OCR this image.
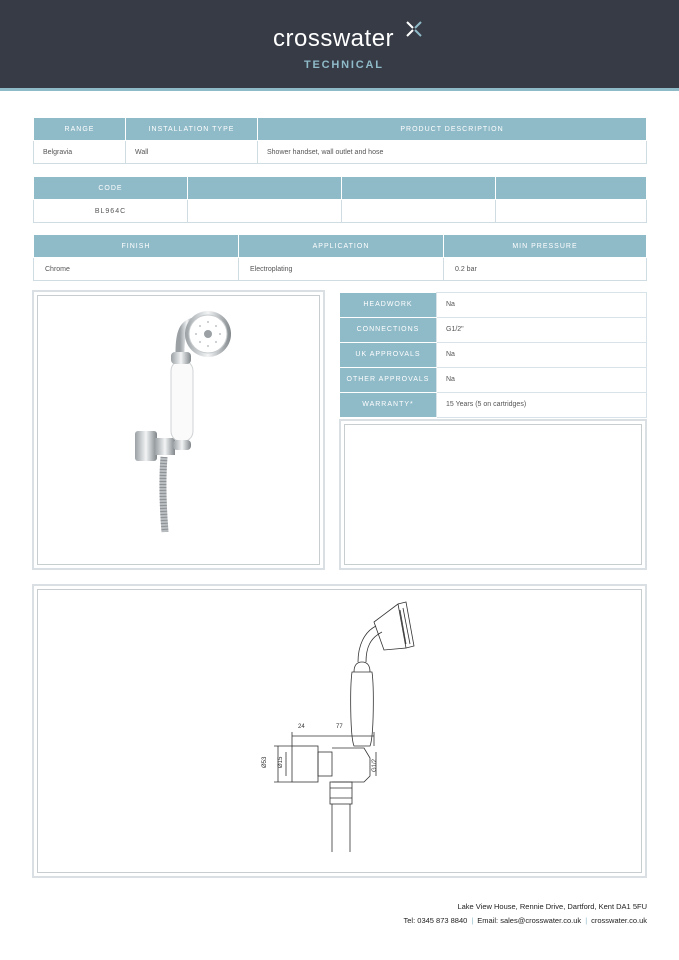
crosswater
TECHNICAL
RANGE	INSTALLATION TYPE	PRODUCT DESCRIPTION
Belgravia	Wall	Shower handset, wall outlet and hose
CODE			
BL964C			
FINISH	APPLICATION	MIN PRESSURE
Chrome	Electroplating	0.2 bar
HEADWORK	Na
CONNECTIONS	G1/2"
UK APPROVALS	Na
OTHER APPROVALS	Na
WARRANTY*	15 Years (5 on cartridges)
24	77
Ø53 Ø15	G1/2
Lake View House, Rennie Drive, Dartford, Kent DA1 5FU
Tel: 0345 873 8840 | Email: sales@crosswater.co.uk | crosswater.co.uk
